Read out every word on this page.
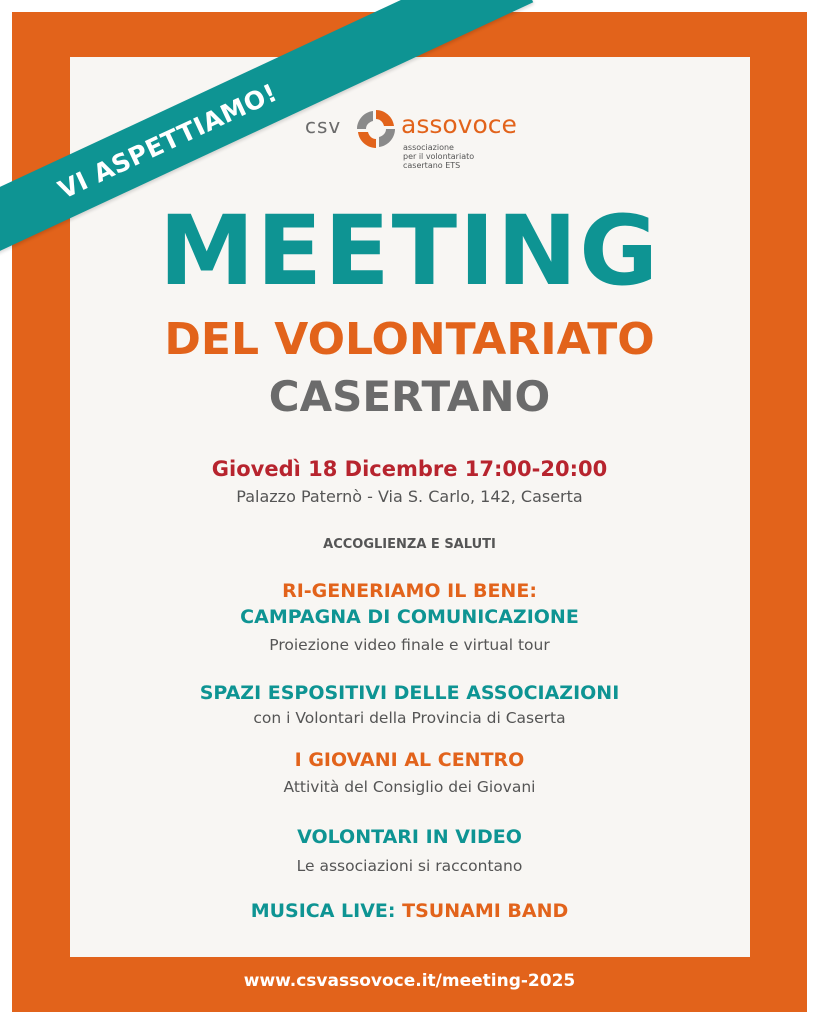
VI ASPETTIAMO! csv assovoce
associazione
per il volontariato
casertano ETS
MEETING
DEL VOLONTARIATO
CASERTANO
Giovedì 18 Dicembre 17:00-20:00
Palazzo Paternò - Via S. Carlo, 142, Caserta
ACCOGLIENZA E SALUTI
RI-GENERIAMO IL BENE:
CAMPAGNA DI COMUNICAZIONE
Proiezione video finale e virtual tour
SPAZI ESPOSITIVI DELLE ASSOCIAZIONI
con i Volontari della Provincia di Caserta
I GIOVANI AL CENTRO
Attività del Consiglio dei Giovani
VOLONTARI IN VIDEO
Le associazioni si raccontano
MUSICA LIVE: TSUNAMI BAND
www.csvassovoce.it/meeting-2025
